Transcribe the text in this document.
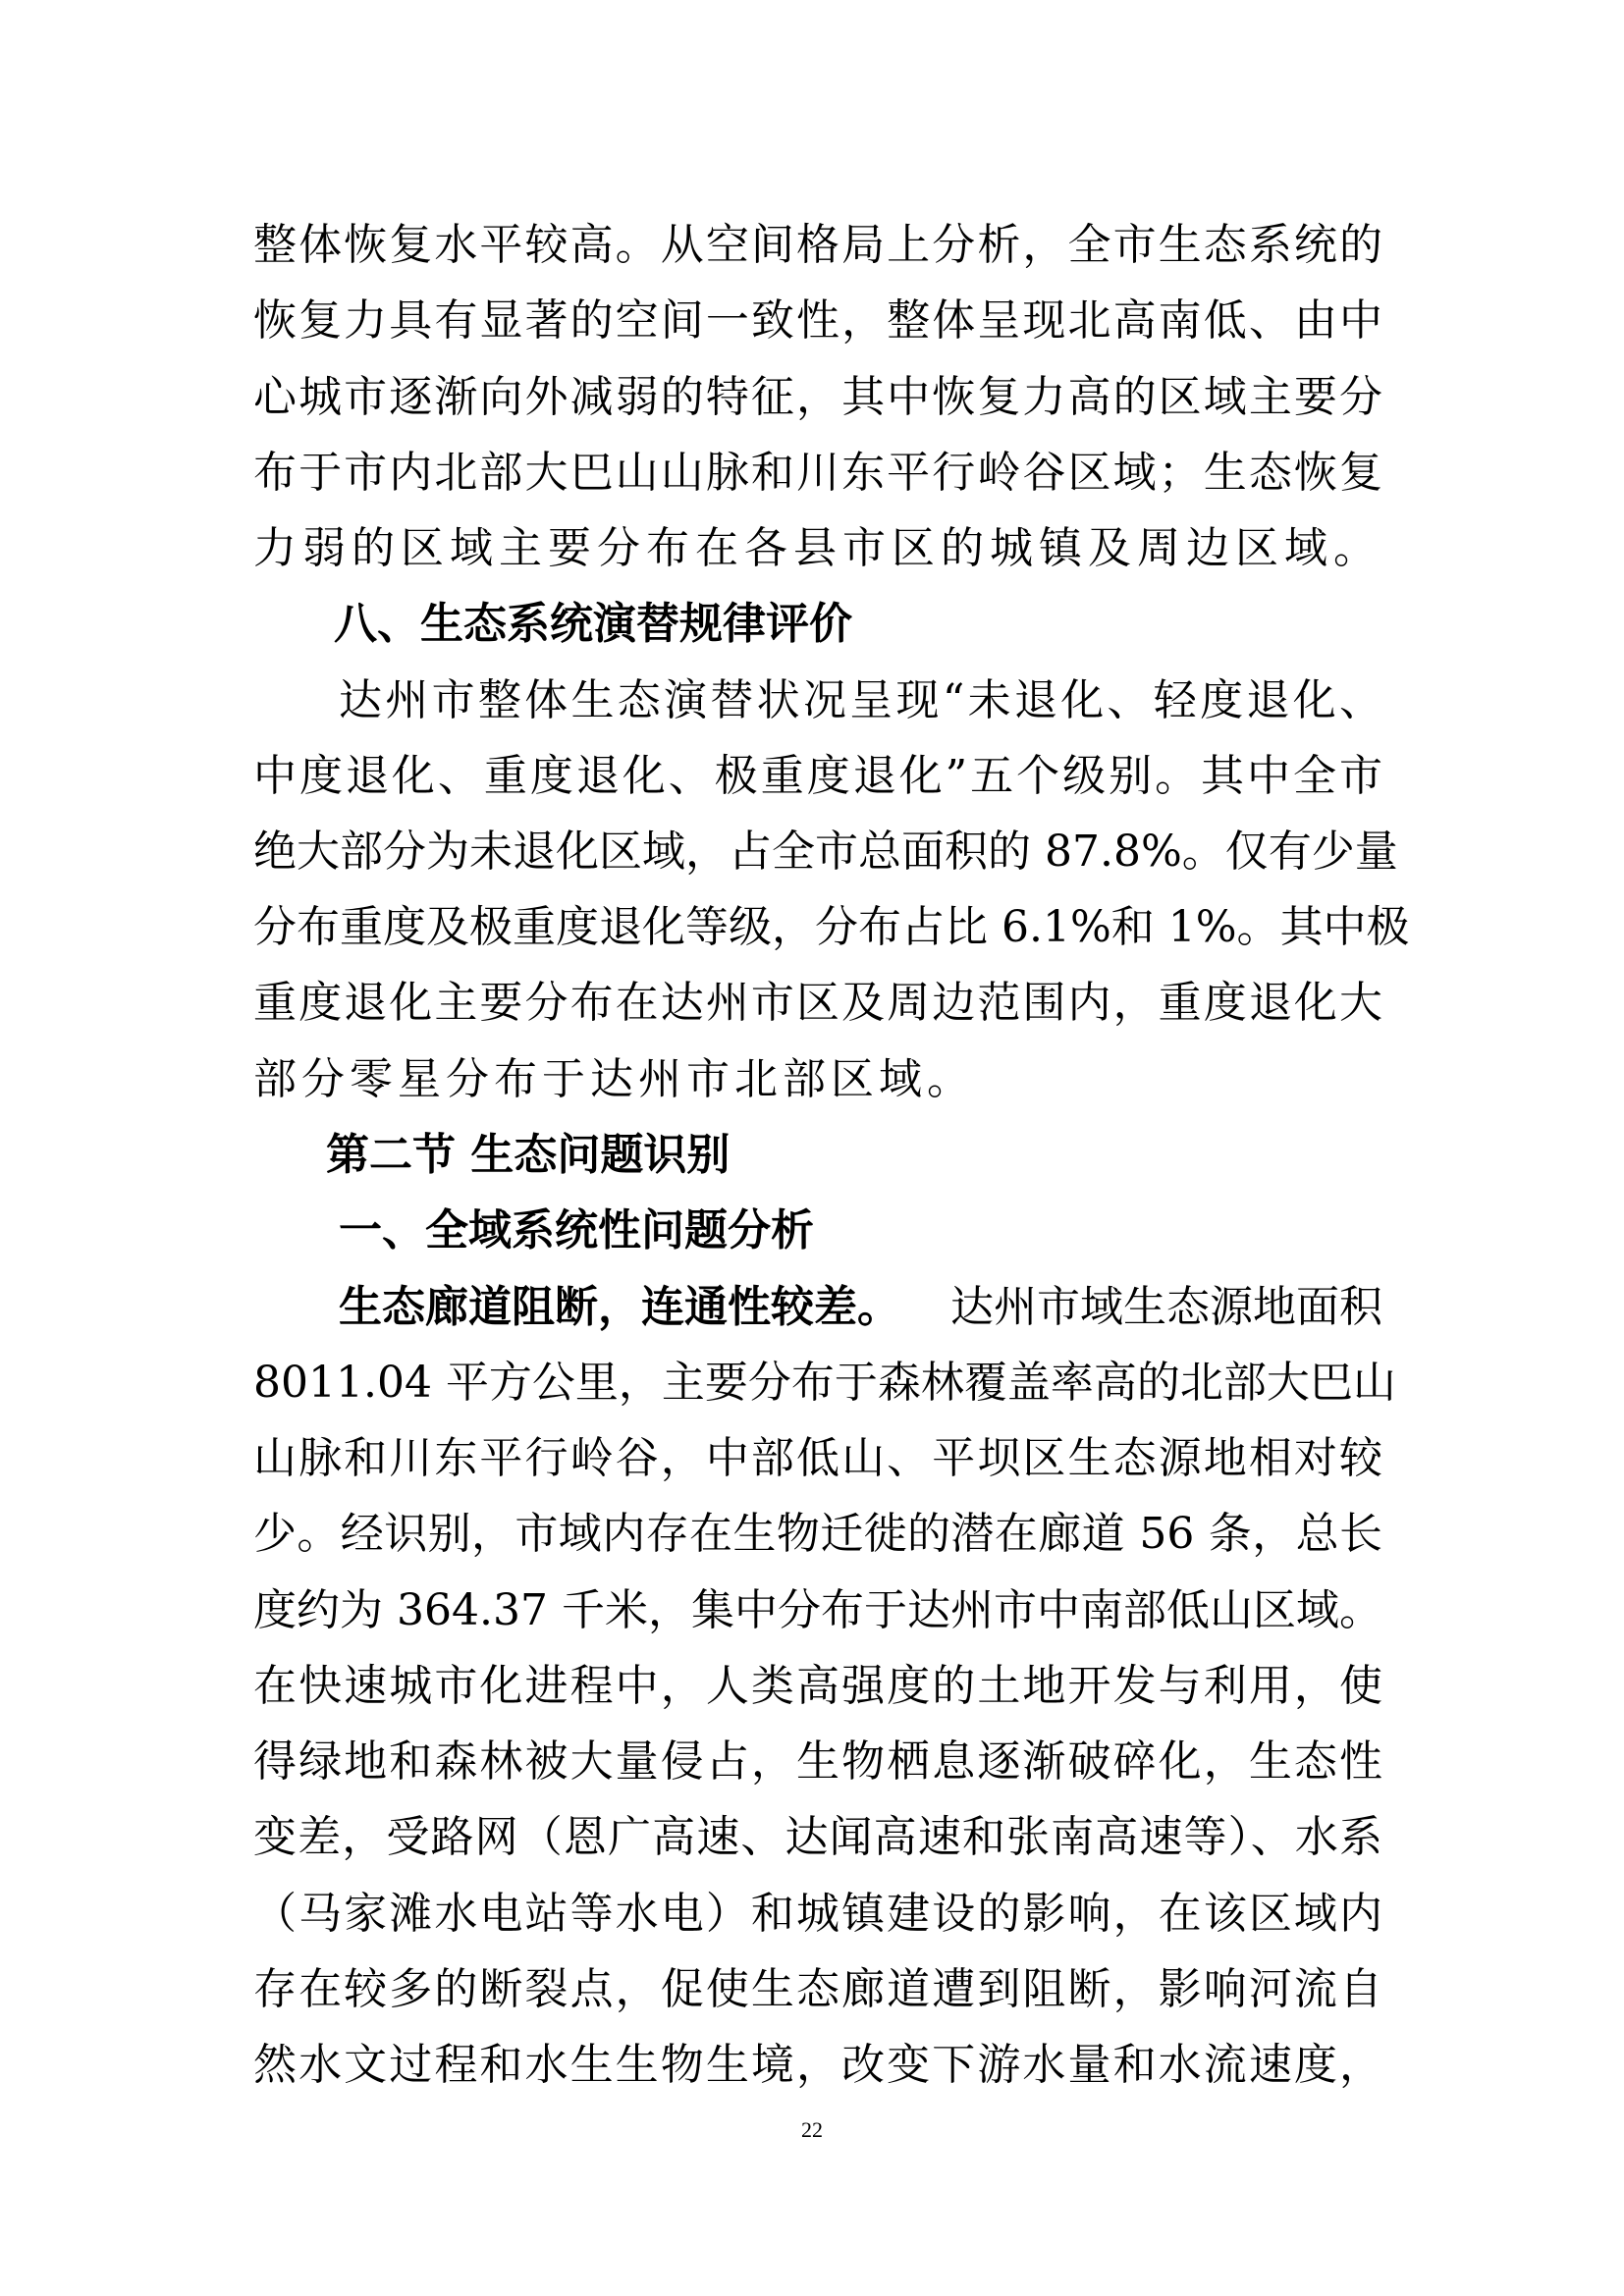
整体恢复水平较高。从空间格局上分析，全市生态系统的
恢复力具有显著的空间一致性，整体呈现北高南低、由中
心城市逐渐向外减弱的特征，其中恢复力高的区域主要分
布于市内北部大巴山山脉和川东平行岭谷区域；生态恢复
力弱的区域主要分布在各县市区的城镇及周边区域。
八、生态系统演替规律评价
达州市整体生态演替状况呈现“未退化、轻度退化、
中度退化、重度退化、极重度退化”五个级别。其中全市
绝大部分为未退化区域，占全市总面积的 87.8%。仅有少量
分布重度及极重度退化等级，分布占比 6.1%和 1%。其中极
重度退化主要分布在达州市区及周边范围内，重度退化大
部分零星分布于达州市北部区域。
第二节 生态问题识别
一、全域系统性问题分析
生态廊道阻断，连通性较差。 达州市域生态源地面积
8011.04 平方公里，主要分布于森林覆盖率高的北部大巴山
山脉和川东平行岭谷，中部低山、平坝区生态源地相对较
少。经识别，市域内存在生物迁徙的潜在廊道 56 条，总长
度约为 364.37 千米，集中分布于达州市中南部低山区域。
在快速城市化进程中，人类高强度的土地开发与利用，使
得绿地和森林被大量侵占，生物栖息逐渐破碎化，生态性
变差，受路网（恩广高速、达闻高速和张南高速等）、水系
（马家滩水电站等水电）和城镇建设的影响，在该区域内
存在较多的断裂点，促使生态廊道遭到阻断，影响河流自
然水文过程和水生生物生境，改变下游水量和水流速度，
22
